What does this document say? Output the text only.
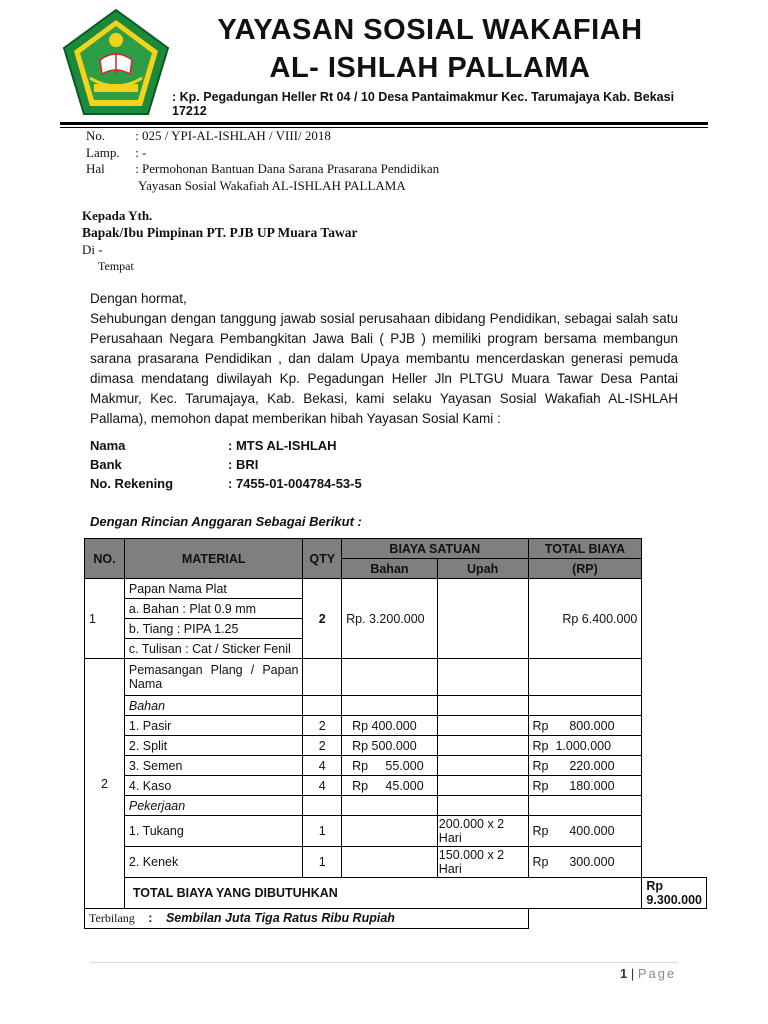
YAYASAN SOSIAL WAKAFIAH
AL- ISHLAH PALLAMA
: Kp. Pegadungan Heller Rt 04 / 10 Desa Pantaimakmur Kec. Tarumajaya Kab. Bekasi 17212
No.	: 025 / YPI-AL-ISHLAH / VIII/ 2018
Lamp.	: -
Hal	: Permohonan Bantuan Dana Sarana Prasarana Pendidikan
Yayasan Sosial Wakafiah AL-ISHLAH PALLAMA
Kepada Yth.
Bapak/Ibu Pimpinan PT. PJB UP Muara Tawar
Di -
Tempat
Dengan hormat,
Sehubungan dengan tanggung jawab sosial perusahaan dibidang Pendidikan, sebagai salah satu Perusahaan Negara Pembangkitan Jawa Bali ( PJB ) memiliki program bersama membangun sarana prasarana Pendidikan , dan dalam Upaya membantu mencerdaskan generasi pemuda dimasa mendatang diwilayah Kp. Pegadungan Heller Jln PLTGU Muara Tawar Desa Pantai Makmur, Kec. Tarumajaya, Kab. Bekasi, kami selaku Yayasan Sosial Wakafiah AL-ISHLAH Pallama), memohon dapat memberikan hibah Yayasan Sosial Kami :
Nama	: MTS AL-ISHLAH
Bank	: BRI
No. Rekening	: 7455-01-004784-53-5
Dengan Rincian Anggaran Sebagai Berikut :
NO.	MATERIAL	QTY	BIAYA SATUAN		TOTAL BIAYA	
			Bahan	Upah	(RP)	
1	Papan Nama Plat	2	Rp. 3.200.000		Rp 6.400.000	
	a. Bahan : Plat 0.9 mm					
	b. Tiang : PIPA 1.25					
	c. Tulisan : Cat / Sticker Fenil					
2	Pemasangan Plang / Papan Nama					
	Bahan					
	1. Pasir	2	Rp 400.000		Rp      800.000	
	2. Split	2	Rp 500.000		Rp  1.000.000	
	3. Semen	4	Rp     55.000		Rp      220.000	
	4. Kaso	4	Rp     45.000		Rp      180.000	
	Pekerjaan					
	1. Tukang	1		200.000 x 2 Hari	Rp      400.000	
	2. Kenek	1		150.000 x 2 Hari	Rp      300.000	
	TOTAL BIAYA YANG DIBUTUHKAN					Rp 9.300.000
Terbilang : Sembilan Juta Tiga Ratus Ribu Rupiah						
1 | Page
